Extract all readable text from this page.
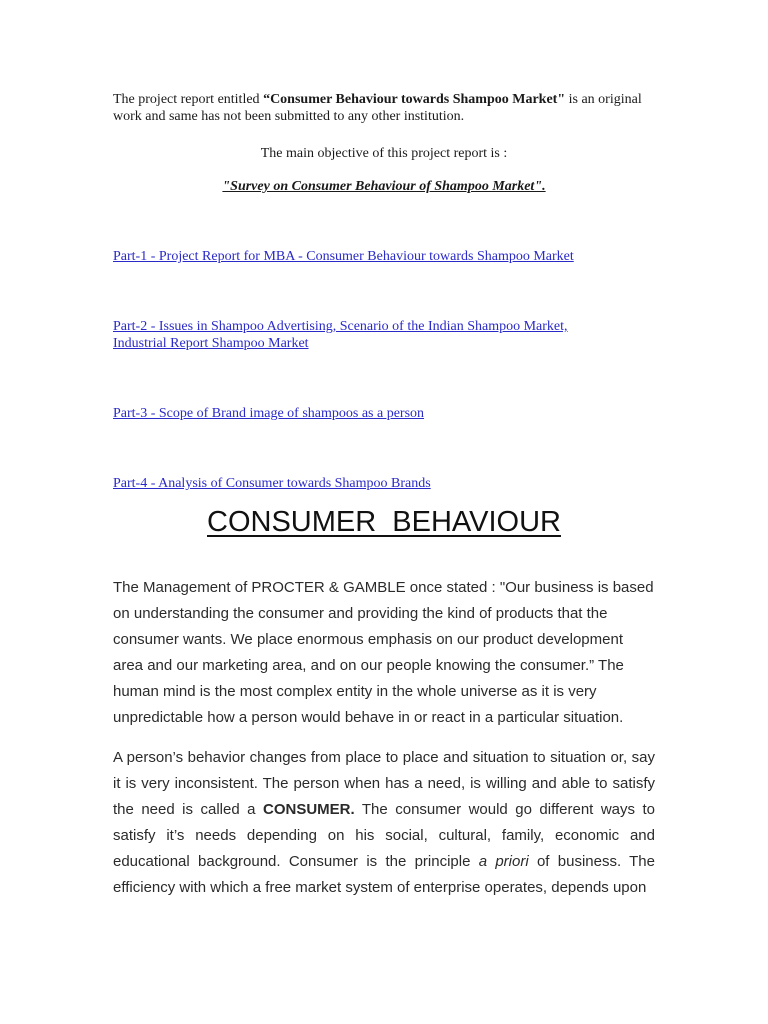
The project report entitled “Consumer Behaviour towards Shampoo Market" is an original work and same has not been submitted to any other institution.
The main objective of this project report is :
"Survey on Consumer Behaviour of Shampoo Market".
Part-1 - Project Report for MBA - Consumer Behaviour towards Shampoo Market
Part-2 - Issues in Shampoo Advertising, Scenario of the Indian Shampoo Market,
Industrial Report Shampoo Market
Part-3 - Scope of Brand image of shampoos as a person
Part-4 - Analysis of Consumer towards Shampoo Brands
CONSUMER  BEHAVIOUR

The Management of PROCTER & GAMBLE once stated : "Our business is based on understanding the consumer and providing the kind of products that the consumer wants. We place enormous emphasis on our product development area and our marketing area, and on our people knowing the consumer.” The human mind is the most complex entity in the whole universe as it is very unpredictable how a person would behave in or react in a particular situation.

A person’s behavior changes from place to place and situation to situation or, say it is very inconsistent. The person when has a need, is willing and able to satisfy the need is called a CONSUMER. The consumer would go different ways to satisfy it’s needs depending on his social, cultural, family, economic and educational background. Consumer is the principle a priori of business. The efficiency with which a free market system of enterprise operates, depends upon
